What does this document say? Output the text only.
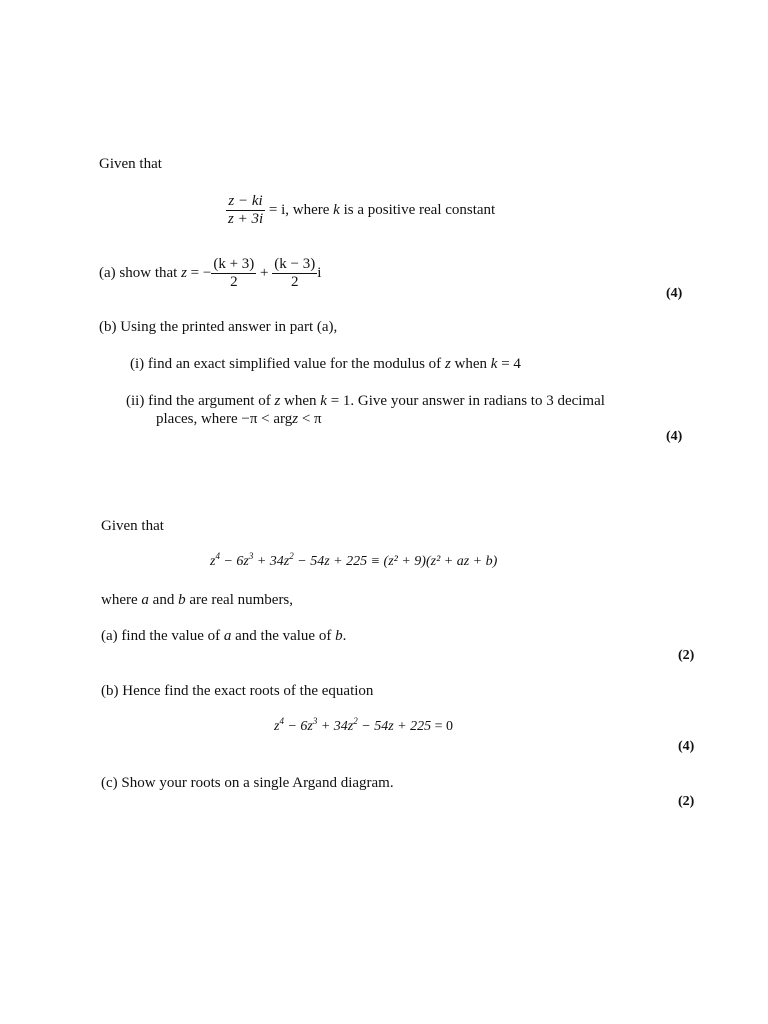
Given that
$\frac{z - ki}{z + 3i} = i$, where k is a positive real constant
(a) show that z = − $\frac{(k + 3)}{2} + \frac{(k - 3)}{2}$ i
(4)
(b) Using the printed answer in part (a),
(i) find an exact simplified value for the modulus of z when k = 4
(ii) find the argument of z when k = 1. Give your answer in radians to 3 decimal
places, where −π < argz < π
(4)
Given that
$z^4 - 6z^3 + 34z^2 - 54z + 225 \equiv (z^2 + 9)(z^2$ + az + b)
where a and b are real numbers,
(a) find the value of a and the value of b.
(2)
(b) Hence find the exact roots of the equation
$z^4 - 6z^3 + 34z^2 - 54z + 225 = 0$
(4)
(c) Show your roots on a single Argand diagram.
(2)
